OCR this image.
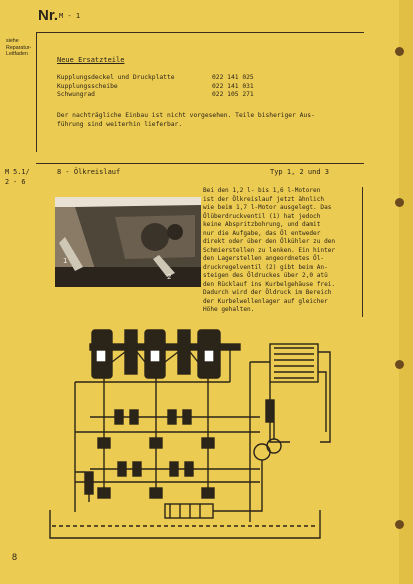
Nr. M - 1
siehe
Reparatur-
Leitfaden
Neue Ersatzteile
Kupplungsdeckel und Druckplatte	022 141 025
Kupplungsscheibe	022 141 031
Schwungrad	022 105 271
Der nachträgliche Einbau ist nicht vorgesehen. Teile bisheriger Aus-
führung sind weiterhin lieferbar.
M 5.1/
2 - 6
8 - Ölkreislauf	Typ 1, 2 und 3
1
2
Bei den 1,2 l- bis 1,6 l-Motoren
ist der Ölkreislauf jetzt ähnlich
wie beim 1,7 l-Motor ausgelegt. Das
Ölüberdruckventil (1) hat jedoch
keine Abspritzbohrung, und damit
nur die Aufgabe, das Öl entweder
direkt oder über den Ölkühler zu den
Schmierstellen zu lenken. Ein hinter
den Lagerstellen angeordnetes Öl-
druckregelventil (2) gibt beim An-
steigen des Öldruckes über 2,0 atü
den Rücklauf ins Kurbelgehäuse frei.
Dadurch wird der Öldruck im Bereich
der Kurbelwellenlager auf gleicher
Höhe gehalten.
8
